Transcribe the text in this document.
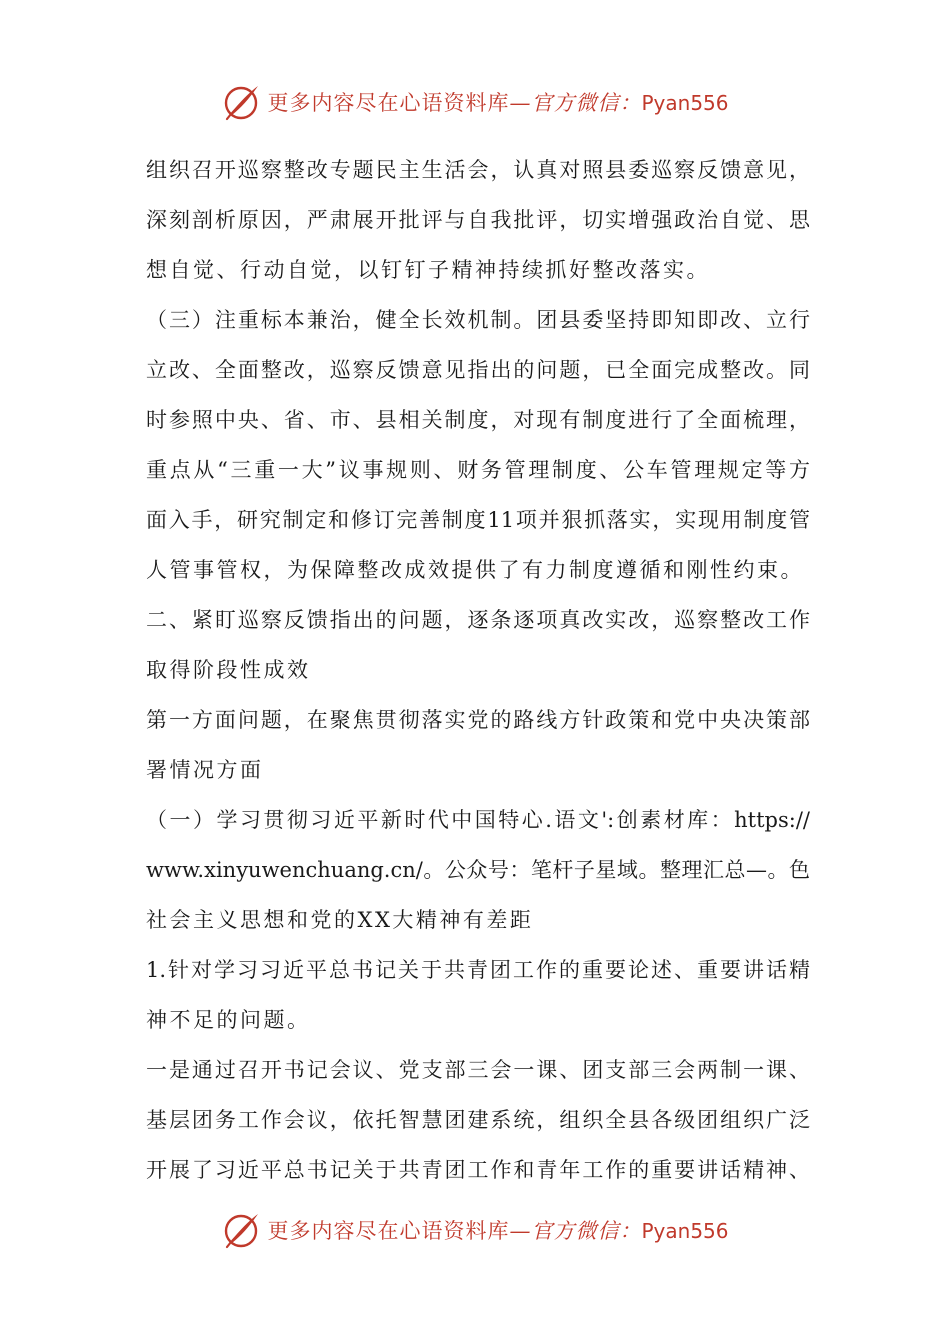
更多内容尽在心语资料库—官方微信：Pyan556
组织召开巡察整改专题民主生活会，认真对照县委巡察反馈意见，
深刻剖析原因，严肃展开批评与自我批评，切实增强政治自觉、思
想自觉、行动自觉，以钉钉子精神持续抓好整改落实。
（三）注重标本兼治，健全长效机制。团县委坚持即知即改、立行
立改、全面整改，巡察反馈意见指出的问题，已全面完成整改。同
时参照中央、省、市、县相关制度，对现有制度进行了全面梳理，
重点从“三重一大”议事规则、财务管理制度、公车管理规定等方
面入手，研究制定和修订完善制度11项并狠抓落实，实现用制度管
人管事管权，为保障整改成效提供了有力制度遵循和刚性约束。
二、紧盯巡察反馈指出的问题，逐条逐项真改实改，巡察整改工作
取得阶段性成效
第一方面问题，在聚焦贯彻落实党的路线方针政策和党中央决策部
署情况方面
（一）学习贯彻习近平新时代中国特心.语文':创素材库：https://
www.xinyuwenchuang.cn/。公众号：笔杆子星域。整理汇总—。色
社会主义思想和党的XX大精神有差距
1.针对学习习近平总书记关于共青团工作的重要论述、重要讲话精
神不足的问题。
一是通过召开书记会议、党支部三会一课、团支部三会两制一课、
基层团务工作会议，依托智慧团建系统，组织全县各级团组织广泛
开展了习近平总书记关于共青团工作和青年工作的重要讲话精神、
更多内容尽在心语资料库—官方微信：Pyan556
